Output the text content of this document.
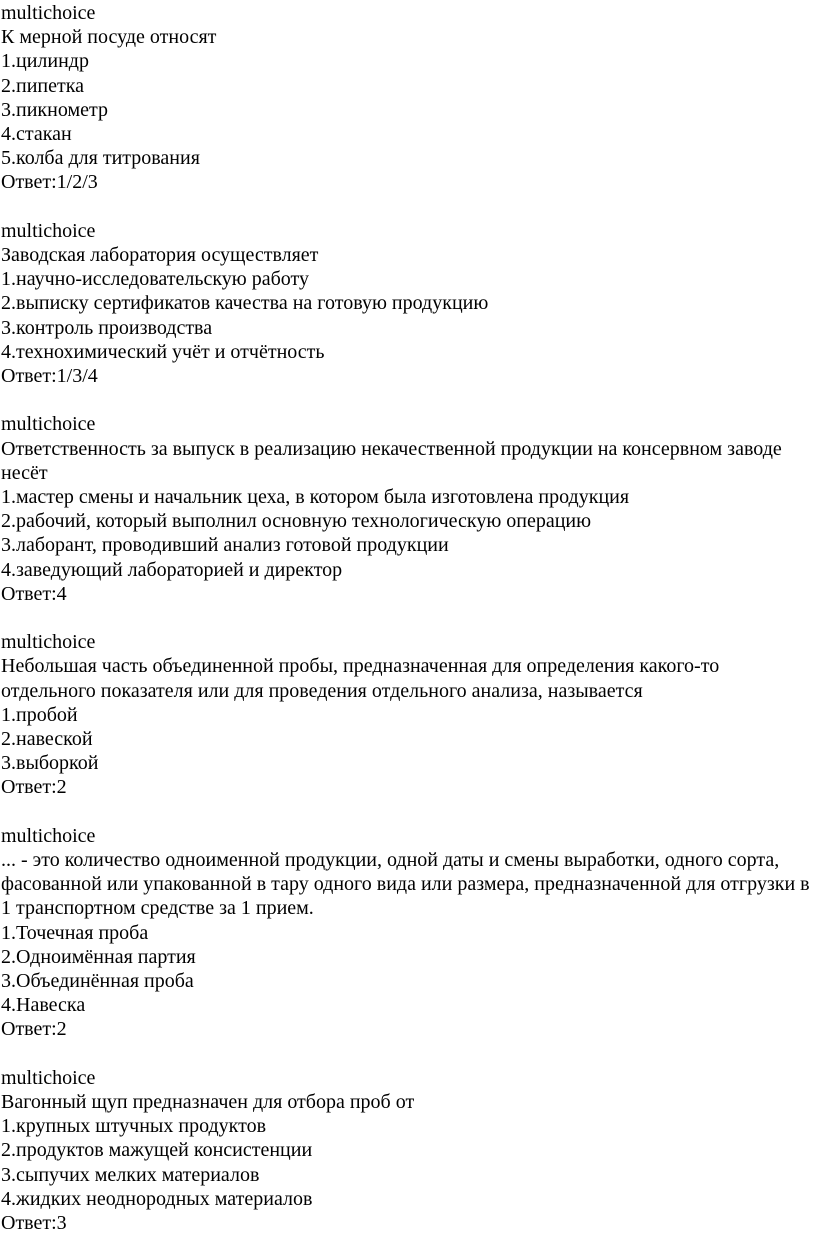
multichoice
К мерной посуде относят
1.цилиндр
2.пипетка
3.пикнометр
4.стакан
5.колба для титрования
Ответ:1/2/3
multichoice
Заводская лаборатория осуществляет
1.научно-исследовательскую работу
2.выписку сертификатов качества на готовую продукцию
3.контроль производства
4.технохимический учёт и отчётность
Ответ:1/3/4
multichoice
Ответственность за выпуск в реализацию некачественной продукции на консервном заводе несёт
1.мастер смены и начальник цеха, в котором была изготовлена продукция
2.рабочий, который выполнил основную технологическую операцию
3.лаборант, проводивший анализ готовой продукции
4.заведующий лабораторией и директор
Ответ:4
multichoice
Небольшая часть объединенной пробы, предназначенная для определения какого-то отдельного показателя или для проведения отдельного анализа, называется
1.пробой
2.навеской
3.выборкой
Ответ:2
multichoice
... - это количество одноименной продукции, одной даты и смены выработки, одного сорта, фасованной или упакованной в тару одного вида или размера, предназначенной для отгрузки в 1 транспортном средстве за 1 прием.
1.Точечная проба
2.Одноимённая партия
3.Объединённая проба
4.Навеска
Ответ:2
multichoice
Вагонный щуп предназначен для отбора проб от
1.крупных штучных продуктов
2.продуктов мажущей консистенции
3.сыпучих мелких материалов
4.жидких неоднородных материалов
Ответ:3
